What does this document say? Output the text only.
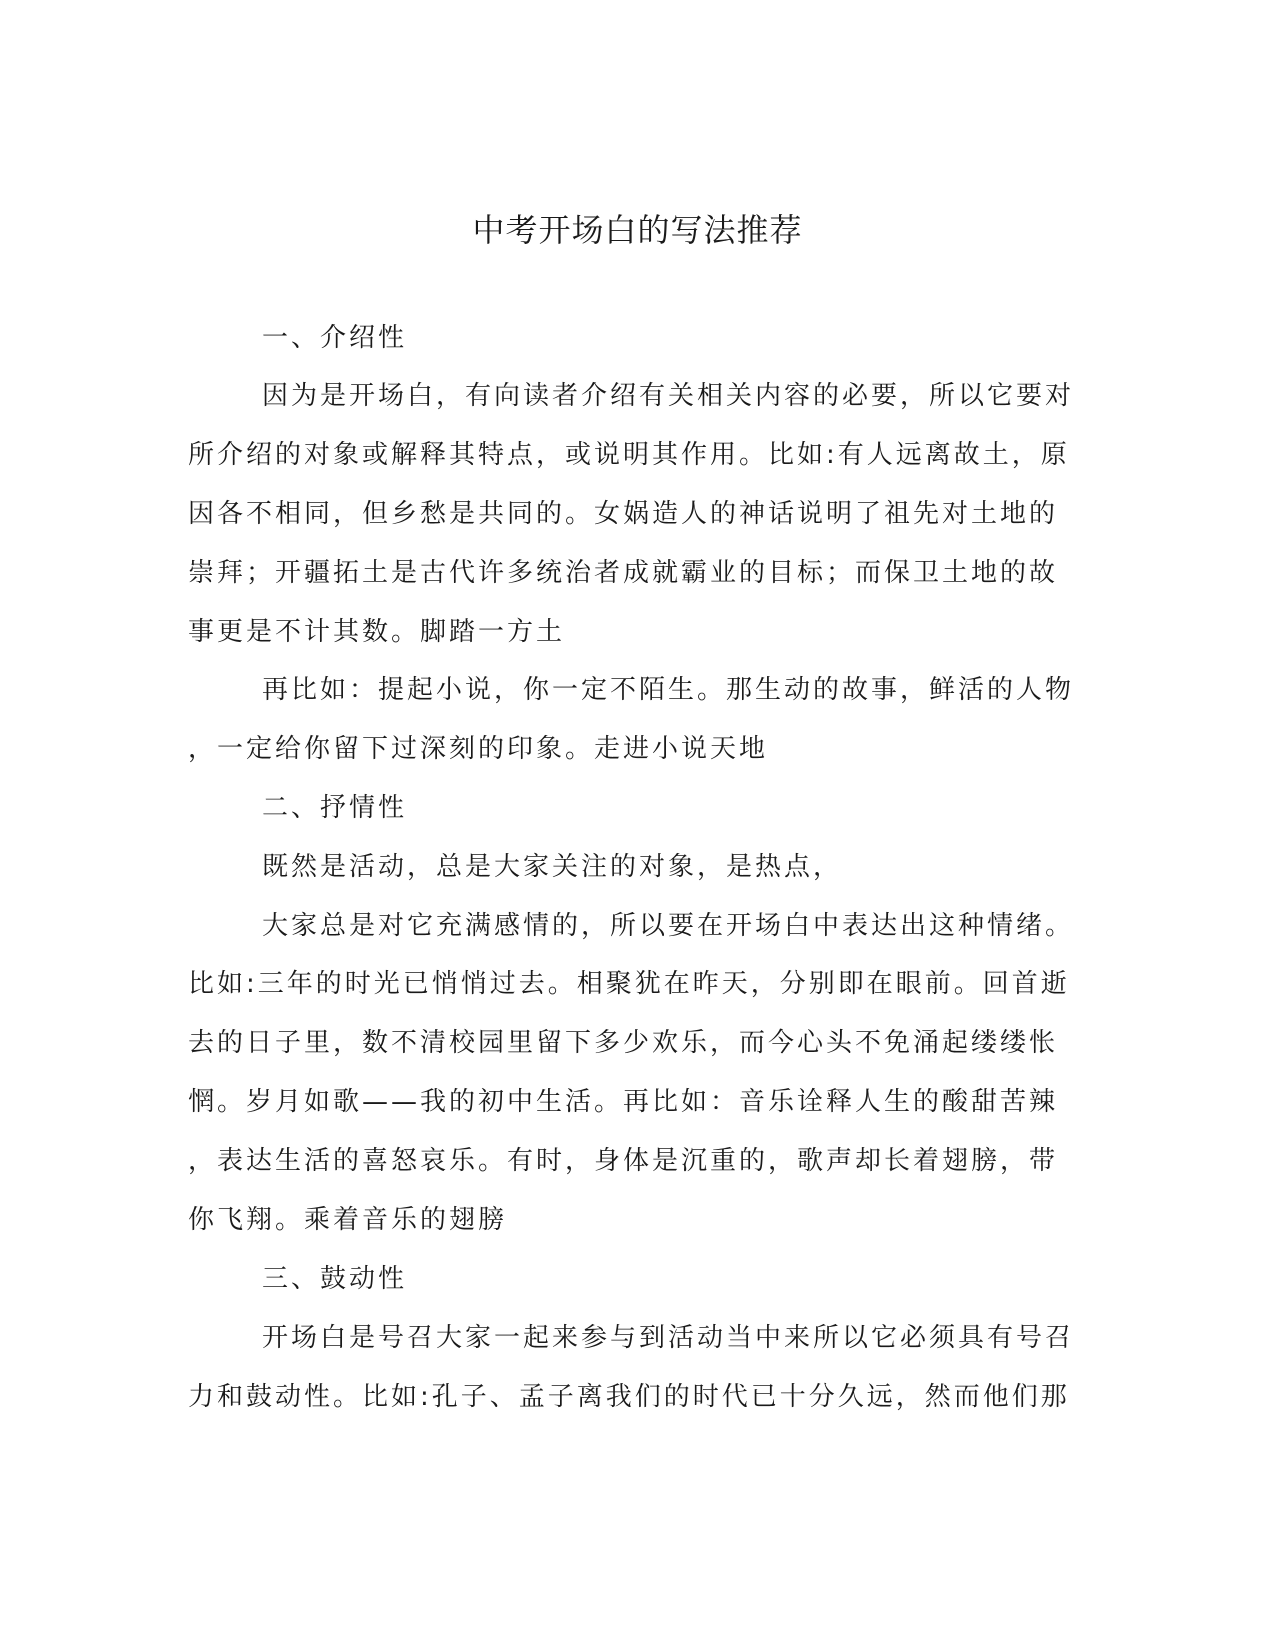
中考开场白的写法推荐

一、介绍性

因为是开场白，有向读者介绍有关相关内容的必要，所以它要对

所介绍的对象或解释其特点，或说明其作用。比如:有人远离故土，原

因各不相同，但乡愁是共同的。女娲造人的神话说明了祖先对土地的

崇拜；开疆拓土是古代许多统治者成就霸业的目标；而保卫土地的故

事更是不计其数。脚踏一方土

再比如：提起小说，你一定不陌生。那生动的故事，鲜活的人物

，一定给你留下过深刻的印象。走进小说天地

二、抒情性

既然是活动，总是大家关注的对象，是热点，

大家总是对它充满感情的，所以要在开场白中表达出这种情绪。

比如:三年的时光已悄悄过去。相聚犹在昨天，分别即在眼前。回首逝

去的日子里，数不清校园里留下多少欢乐，而今心头不免涌起缕缕怅

惘。岁月如歌——我的初中生活。再比如：音乐诠释人生的酸甜苦辣

，表达生活的喜怒哀乐。有时，身体是沉重的，歌声却长着翅膀，带

你飞翔。乘着音乐的翅膀

三、鼓动性

开场白是号召大家一起来参与到活动当中来所以它必须具有号召

力和鼓动性。比如:孔子、孟子离我们的时代已十分久远，然而他们那
